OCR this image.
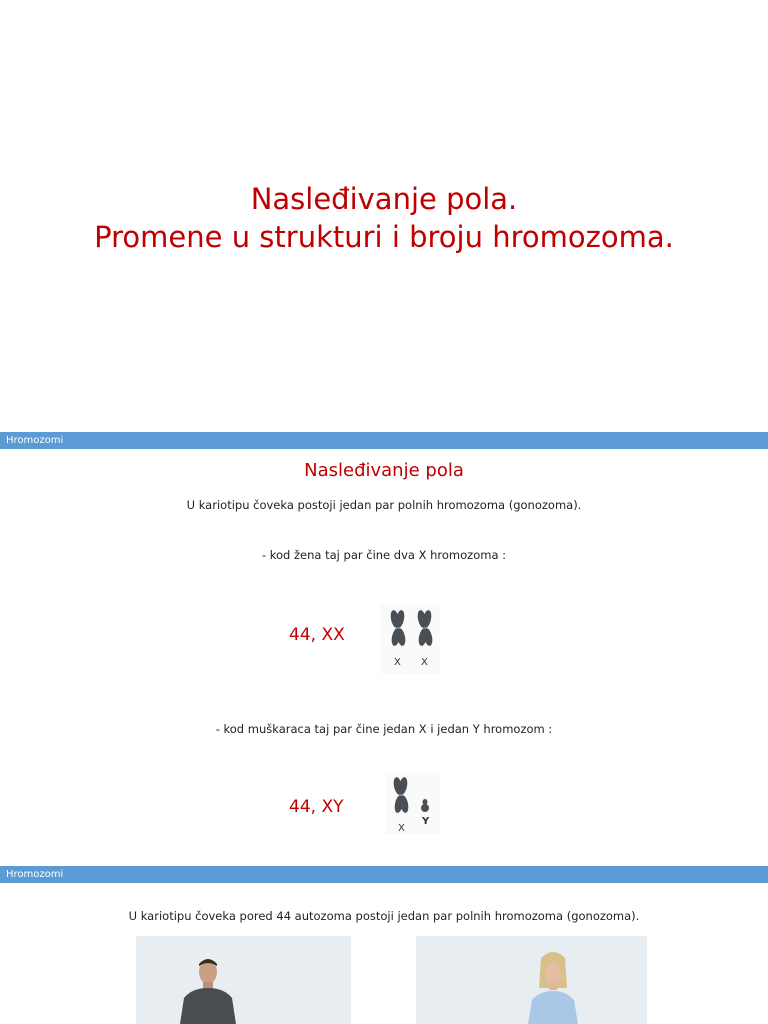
Nasleđivanje pola.
Promene u strukturi i broju hromozoma.
Hromozomi
Nasleđivanje pola
U kariotipu čoveka postoji jedan par polnih hromozoma (gonozoma).
- kod žena taj par čine dva X hromozoma :
44, XX
X X
- kod muškaraca taj par čine jedan X i jedan Y hromozom :
44, XY
X
Y
Hromozomi
U kariotipu čoveka pored 44 autozoma postoji jedan par polnih hromozoma (gonozoma).
